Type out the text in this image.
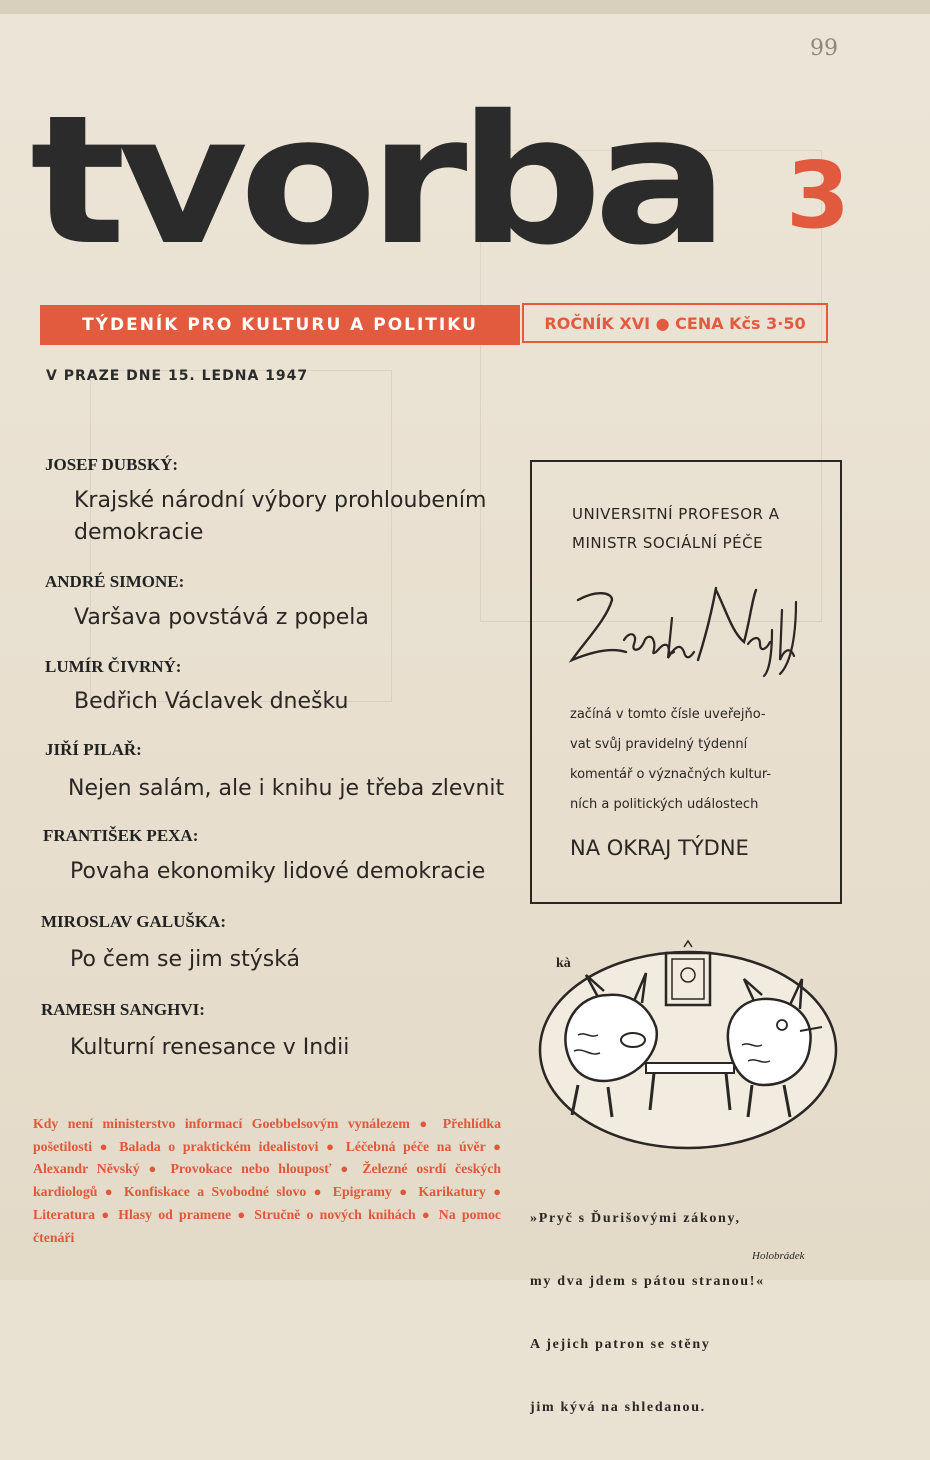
99
tvorba 3
TÝDENÍK PRO KULTURU A POLITIKU	ROČNÍK XVI ● CENA Kčs 3·50
V PRAZE DNE 15. LEDNA 1947
JOSEF DUBSKÝ:
Krajské národní výbory prohloubením
demokracie
ANDRÉ SIMONE:
Varšava povstává z popela
LUMÍR ČIVRNÝ:
Bedřich Václavek dnešku
JIŘÍ PILAŘ:
Nejen salám, ale i knihu je třeba zlevnit
FRANTIŠEK PEXA:
Povaha ekonomiky lidové demokracie
MIROSLAV GALUŠKA:
Po čem se jim stýská
RAMESH SANGHVI:
Kulturní renesance v Indii
UNIVERSITNÍ PROFESOR A
MINISTR SOCIÁLNÍ PÉČE
začíná v tomto čísle uveřejňo-
vat svůj pravidelný týdenní
komentář o význačných kultur-
ních a politických událostech
NA OKRAJ TÝDNE
kà

»Pryč s Ďurišovými zákony,

my dva jdem s pátou stranou!«

A jejich patron se stěny

jim kývá na shledanou.

Holobrádek
Kdy není ministerstvo informací Goebbelsovým vynálezem ● Přehlídka pošetilosti ● Balada o praktickém idealistovi ● Léčebná péče na úvěr ● Alexandr Něvský ● Provokace nebo hlouposť ● Železné osrdí českých kardiologů ● Konfiskace a Svobodné slovo ● Epigramy ● Karikatury ● Literatura ● Hlasy od pramene ● Stručně o nových knihách ● Na pomoc čtenáři
